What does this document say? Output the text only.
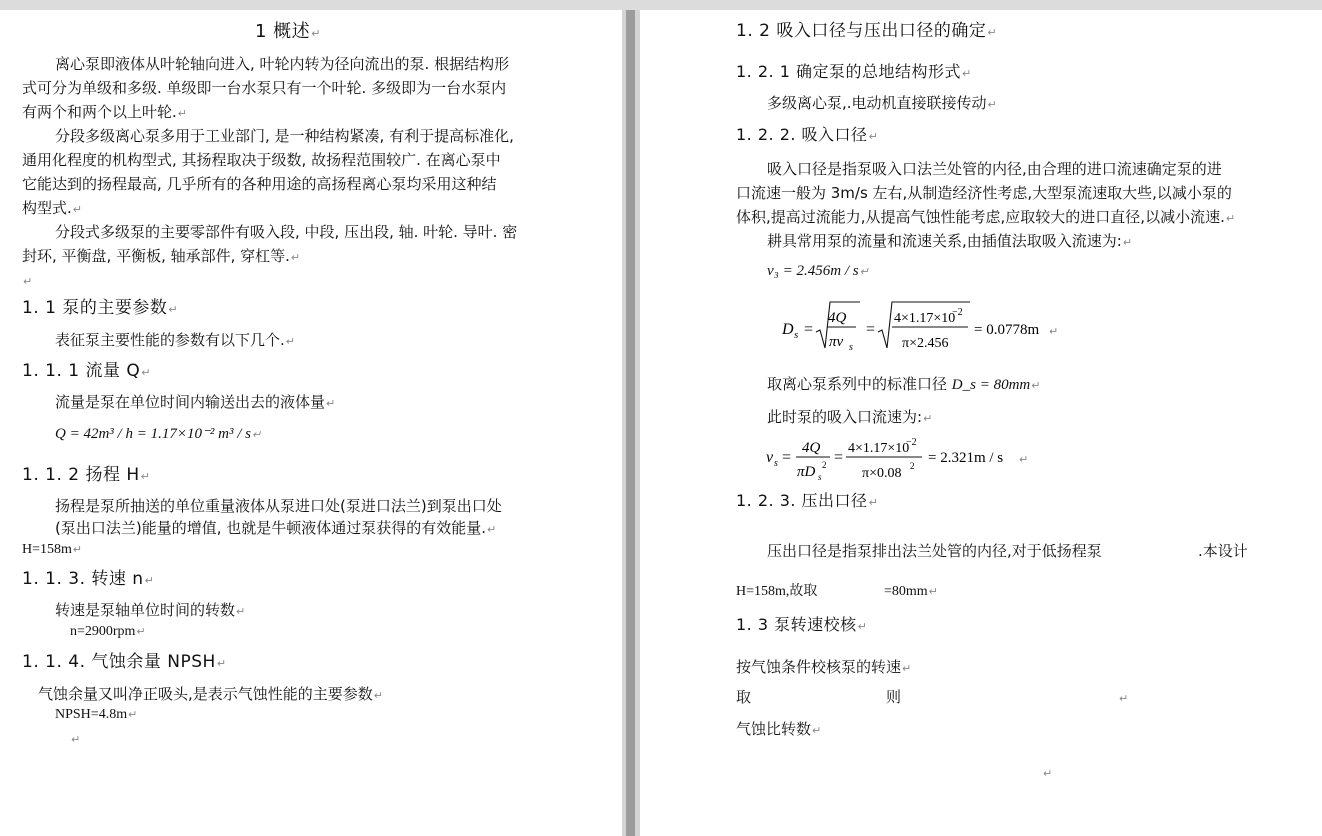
1 概述↵
离心泵即液体从叶轮轴向进入, 叶轮内转为径向流出的泵. 根据结构形
式可分为单级和多级. 单级即一台水泵只有一个叶轮. 多级即为一台水泵内
有两个和两个以上叶轮.↵
分段多级离心泵多用于工业部门, 是一种结构紧凑, 有利于提高标准化,
通用化程度的机构型式, 其扬程取决于级数, 故扬程范围较广. 在离心泵中
它能达到的扬程最高, 几乎所有的各种用途的高扬程离心泵均采用这种结
构型式.↵
分段式多级泵的主要零部件有吸入段, 中段, 压出段, 轴. 叶轮. 导叶. 密
封环, 平衡盘, 平衡板, 轴承部件, 穿杠等.↵
↵
1. 1 泵的主要参数↵
表征泵主要性能的参数有以下几个.↵
1. 1. 1 流量 Q↵
流量是泵在单位时间内输送出去的液体量↵
Q = 42m³ / h = 1.17×10⁻² m³ / s↵
1. 1. 2 扬程 H↵
扬程是泵所抽送的单位重量液体从泵进口处(泵进口法兰)到泵出口处
(泵出口法兰)能量的增值, 也就是牛顿液体通过泵获得的有效能量.↵
H=158m↵
1. 1. 3. 转速 n↵
转速是泵轴单位时间的转数↵
n=2900rpm↵
1. 1. 4. 气蚀余量 NPSH↵
气蚀余量又叫净正吸头,是表示气蚀性能的主要参数↵
NPSH=4.8m↵
↵
1. 2 吸入口径与压出口径的确定↵
1. 2. 1 确定泵的总地结构形式↵
多级离心泵,.电动机直接联接传动↵
1. 2. 2. 吸入口径↵
吸入口径是指泵吸入口法兰处管的内径,由合理的进口流速确定泵的进
口流速一般为 3m/s 左右,从制造经济性考虑,大型泵流速取大些,以减小泵的
体积,提高过流能力,从提高气蚀性能考虑,应取较大的进口直径,以减小流速.↵
耕具常用泵的流量和流速关系,由插值法取吸入流速为:↵
v₃ = 2.456m / s↵
D s =
4Q
πv s
=
4×1.17×10
−2
π×2.456
= 0.0778m ↵
取离心泵系列中的标准口径 D_s = 80mm↵
此时泵的吸入口流速为:↵
v s =
4Q
πD s
2 =
4×1.17×10
−2
π×0.08 2 = 2.321m / s ↵
1. 2. 3. 压出口径↵
压出口径是指泵排出法兰处管的内径,对于低扬程泵	.本设计
H=158m,故取	=80mm↵
1. 3 泵转速校核↵
按气蚀条件校核泵的转速↵
取	则	↵
气蚀比转数↵
↵
